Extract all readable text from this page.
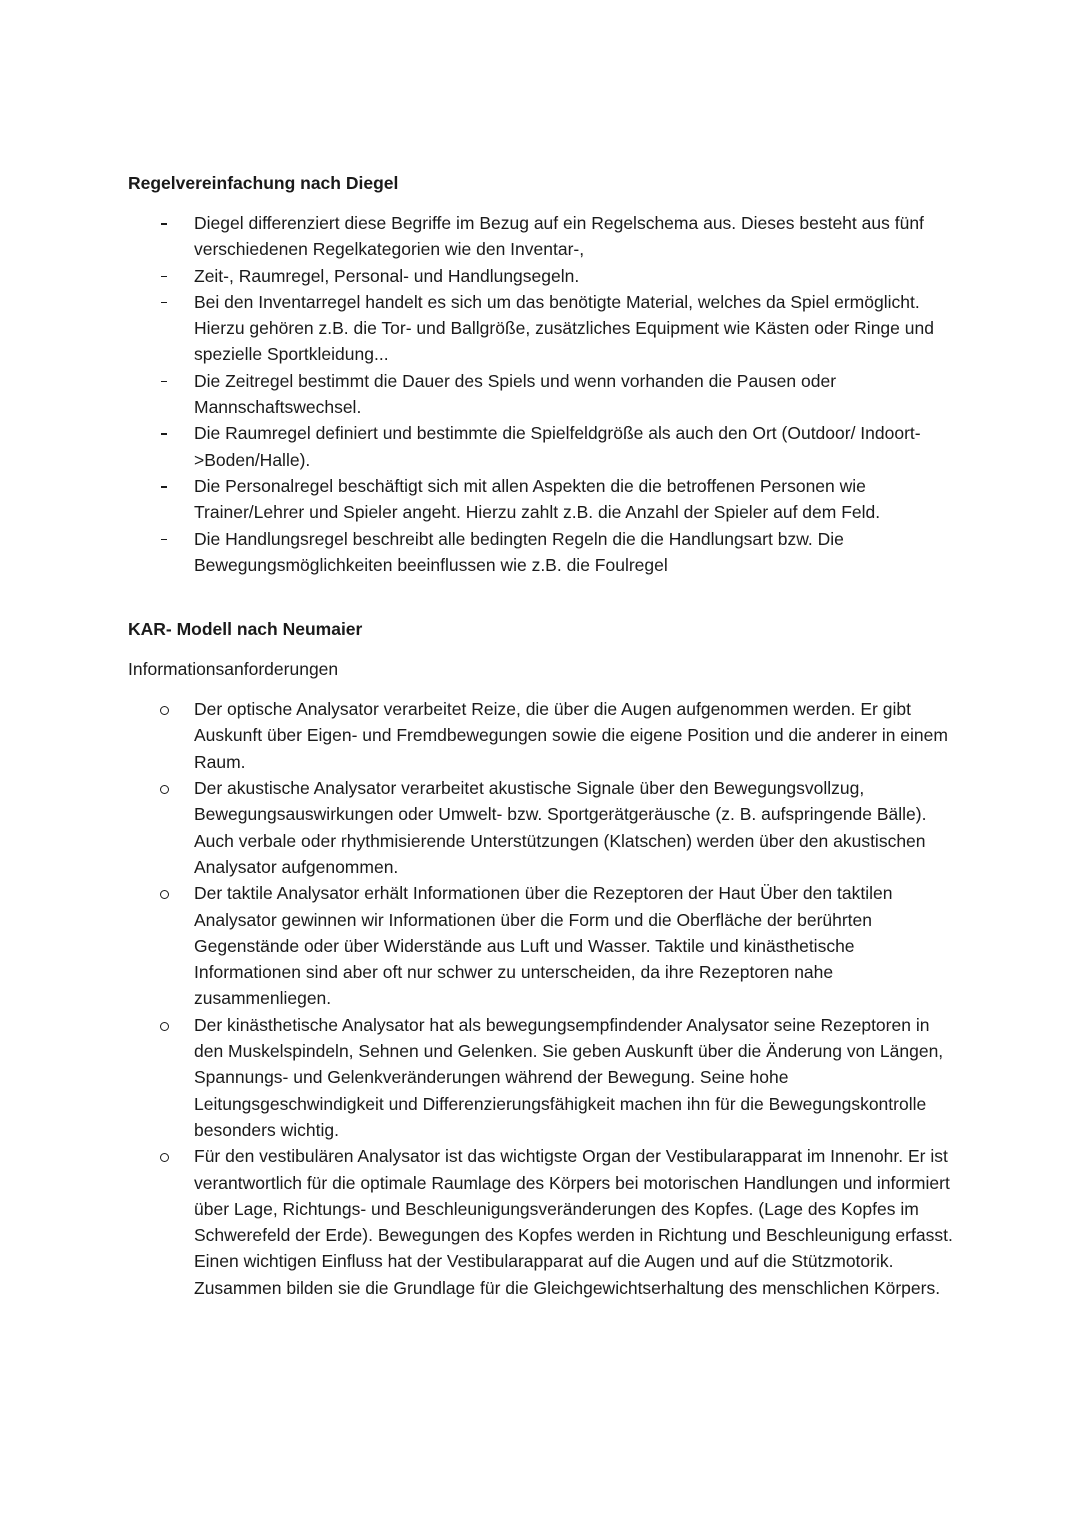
Regelvereinfachung nach Diegel
Diegel differenziert diese Begriffe im Bezug auf ein Regelschema aus. Dieses besteht aus fünf verschiedenen Regelkategorien wie den Inventar-,
Zeit-, Raumregel, Personal- und Handlungsegeln.
Bei den Inventarregel handelt es sich um das benötigte Material, welches da Spiel ermöglicht. Hierzu gehören z.B. die Tor- und Ballgröße, zusätzliches Equipment wie Kästen oder Ringe und spezielle Sportkleidung...
Die Zeitregel bestimmt die Dauer des Spiels und wenn vorhanden die Pausen oder Mannschaftswechsel.
Die Raumregel definiert und bestimmte die Spielfeldgröße als auch den Ort (Outdoor/ Indoort->Boden/Halle).
Die Personalregel beschäftigt sich mit allen Aspekten die die betroffenen Personen wie Trainer/Lehrer und Spieler angeht. Hierzu zahlt z.B. die Anzahl der Spieler auf dem Feld.
Die Handlungsregel beschreibt alle bedingten Regeln die die Handlungsart bzw. Die Bewegungsmöglichkeiten beeinflussen wie z.B. die Foulregel
KAR- Modell nach Neumaier

Informationsanforderungen

Der optische Analysator verarbeitet Reize, die über die Augen aufgenommen werden. Er gibt Auskunft über Eigen- und Fremdbewegungen sowie die eigene Position und die anderer in einem Raum.
Der akustische Analysator verarbeitet akustische Signale über den Bewegungsvollzug, Bewegungsauswirkungen oder Umwelt- bzw. Sportgerätgeräusche (z. B. aufspringende Bälle). Auch verbale oder rhythmisierende Unterstützungen (Klatschen) werden über den akustischen Analysator aufgenommen.
Der taktile Analysator erhält Informationen über die Rezeptoren der Haut Über den taktilen Analysator gewinnen wir Informationen über die Form und die Oberfläche der berührten Gegenstände oder über Widerstände aus Luft und Wasser. Taktile und kinästhetische Informationen sind aber oft nur schwer zu unterscheiden, da ihre Rezeptoren nahe zusammenliegen.
Der kinästhetische Analysator hat als bewegungsempfindender Analysator seine Rezeptoren in den Muskelspindeln, Sehnen und Gelenken. Sie geben Auskunft über die Änderung von Längen, Spannungs- und Gelenkveränderungen während der Bewegung. Seine hohe Leitungsgeschwindigkeit und Differenzierungsfähigkeit machen ihn für die Bewegungskontrolle besonders wichtig.
Für den vestibulären Analysator ist das wichtigste Organ der Vestibularapparat im Innenohr. Er ist verantwortlich für die optimale Raumlage des Körpers bei motorischen Handlungen und informiert über Lage, Richtungs- und Beschleunigungsveränderungen des Kopfes. (Lage des Kopfes im Schwerefeld der Erde). Bewegungen des Kopfes werden in Richtung und Beschleunigung erfasst. Einen wichtigen Einfluss hat der Vestibularapparat auf die Augen und auf die Stützmotorik. Zusammen bilden sie die Grundlage für die Gleichgewichtserhaltung des menschlichen Körpers.
